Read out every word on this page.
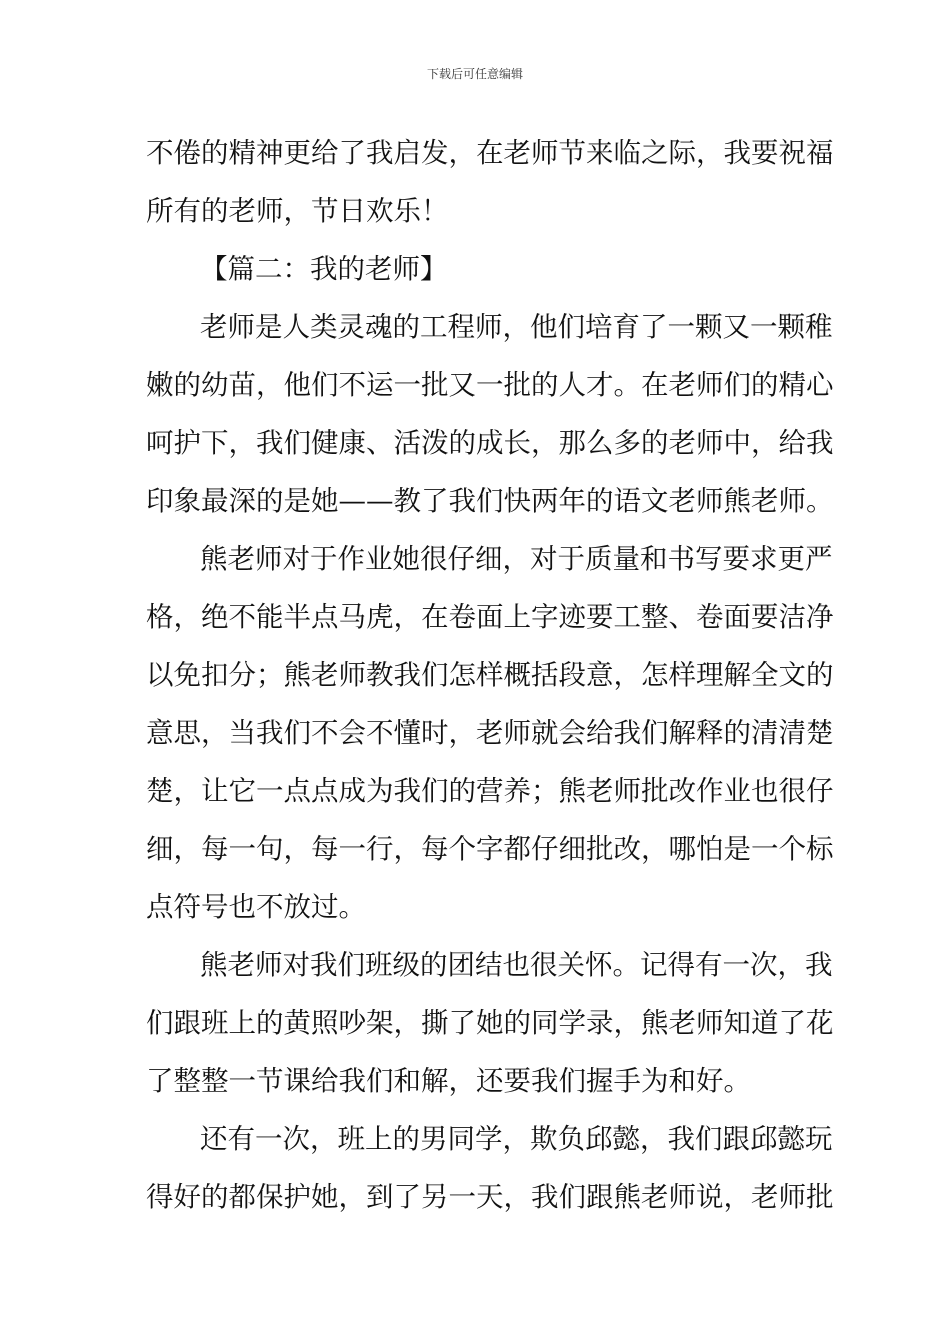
下载后可任意编辑
不倦的精神更给了我启发，在老师节来临之际，我要祝福
所有的老师，节日欢乐！
【篇二：我的老师】
老师是人类灵魂的工程师，他们培育了一颗又一颗稚
嫩的幼苗，他们不运一批又一批的人才。在老师们的精心
呵护下，我们健康、活泼的成长，那么多的老师中，给我
印象最深的是她——教了我们快两年的语文老师熊老师。
熊老师对于作业她很仔细，对于质量和书写要求更严
格，绝不能半点马虎，在卷面上字迹要工整、卷面要洁净
以免扣分；熊老师教我们怎样概括段意，怎样理解全文的
意思，当我们不会不懂时，老师就会给我们解释的清清楚
楚，让它一点点成为我们的营养；熊老师批改作业也很仔
细，每一句，每一行，每个字都仔细批改，哪怕是一个标
点符号也不放过。
熊老师对我们班级的团结也很关怀。记得有一次，我
们跟班上的黄照吵架，撕了她的同学录，熊老师知道了花
了整整一节课给我们和解，还要我们握手为和好。
还有一次，班上的男同学，欺负邱懿，我们跟邱懿玩
得好的都保护她，到了另一天，我们跟熊老师说，老师批
